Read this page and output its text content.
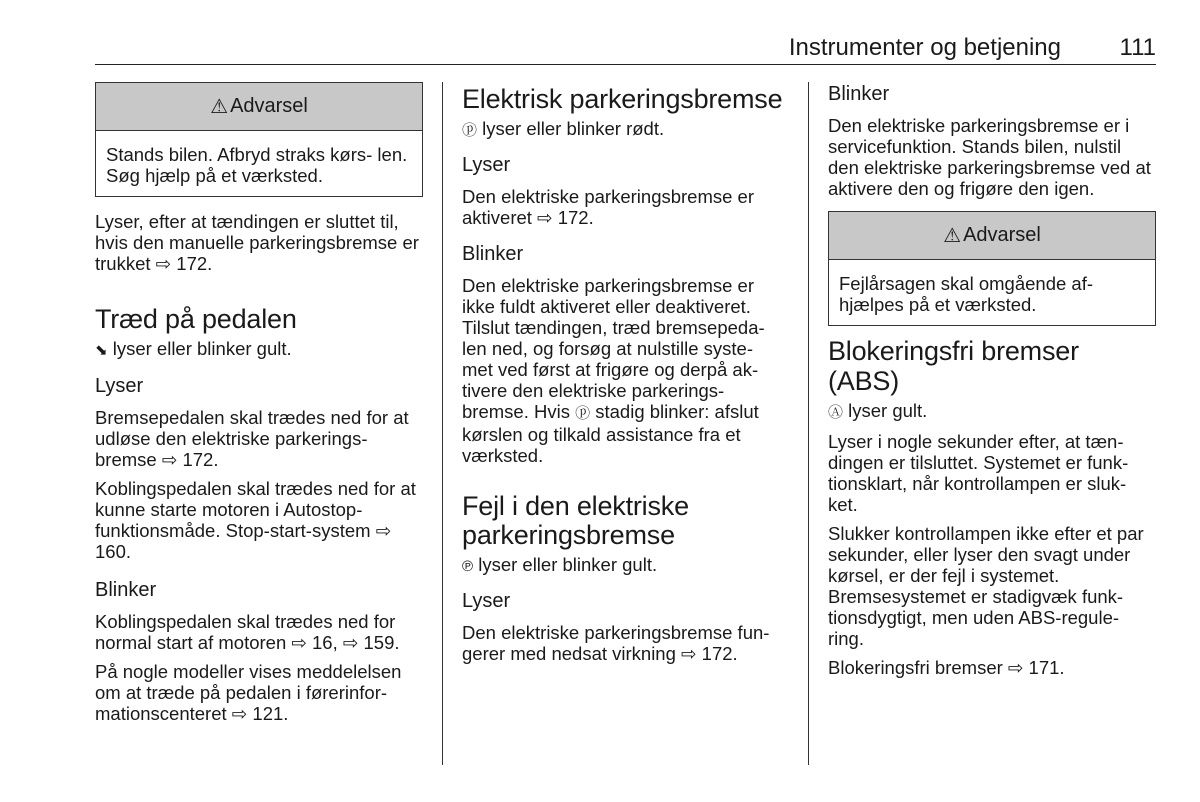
Instrumenter og betjening 111
⚠ Advarsel
Stands bilen. Afbryd straks kørs- len. Søg hjælp på et værksted.

Lyser, efter at tændingen er sluttet til, hvis den manuelle parkeringsbremse er trukket ⇨ 172.

Træd på pedalen

⬊ lyser eller blinker gult.

Lyser

Bremsepedalen skal trædes ned for at udløse den elektriske parkerings- bremse ⇨ 172.

Koblingspedalen skal trædes ned for at kunne starte motoren i Autostop- funktionsmåde. Stop-start-system ⇨ 160.

Blinker

Koblingspedalen skal trædes ned for normal start af motoren ⇨ 16, ⇨ 159.

På nogle modeller vises meddelelsen om at træde på pedalen i førerinfor- mationscenteret ⇨ 121.

Elektrisk parkeringsbremse

ⓟ lyser eller blinker rødt.

Lyser

Den elektriske parkeringsbremse er aktiveret ⇨ 172.

Blinker

Den elektriske parkeringsbremse er ikke fuldt aktiveret eller deaktiveret. Tilslut tændingen, træd bremsepeda- len ned, og forsøg at nulstille syste- met ved først at frigøre og derpå ak- tivere den elektriske parkerings- bremse. Hvis ⓟ stadig blinker: afslut kørslen og tilkald assistance fra et værksted.

Fejl i den elektriske parkeringsbremse

℗ lyser eller blinker gult.

Lyser

Den elektriske parkeringsbremse fun- gerer med nedsat virkning ⇨ 172.

Blinker

Den elektriske parkeringsbremse er i servicefunktion. Stands bilen, nulstil den elektriske parkeringsbremse ved at aktivere den og frigøre den igen.

⚠ Advarsel
Fejlårsagen skal omgående af- hjælpes på et værksted.
Blokeringsfri bremser (ABS)

Ⓐ lyser gult.

Lyser i nogle sekunder efter, at tæn- dingen er tilsluttet. Systemet er funk- tionsklart, når kontrollampen er sluk- ket.

Slukker kontrollampen ikke efter et par sekunder, eller lyser den svagt under kørsel, er der fejl i systemet. Bremsesystemet er stadigvæk funk- tionsdygtigt, men uden ABS-regule- ring.

Blokeringsfri bremser ⇨ 171.
